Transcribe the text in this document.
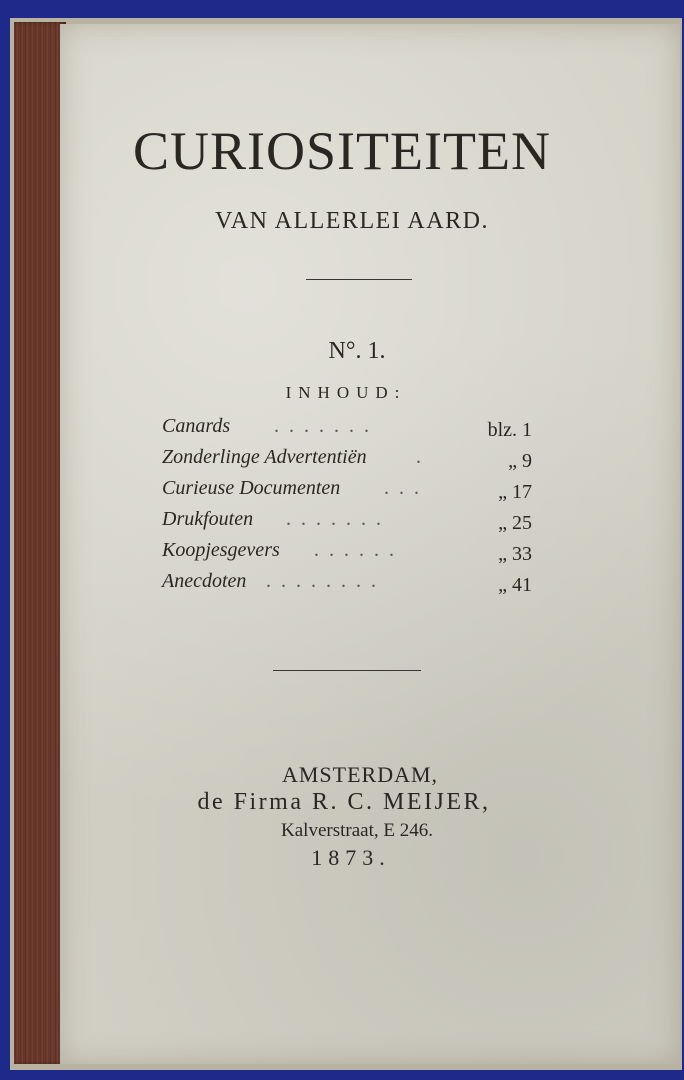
CURIOSITEITEN
VAN ALLERLEI AARD.
N°. 1.
INHOUD:
Canards .......	blz. 1
Zonderlinge Advertentiën .	„ 9
Curieuse Documenten ...	„ 17
Drukfouten .......	„ 25
Koopjesgevers ......	„ 33
Anecdoten ........	„ 41
AMSTERDAM,
de Firma R. C. MEIJER,
Kalverstraat, E 246.
1873.
